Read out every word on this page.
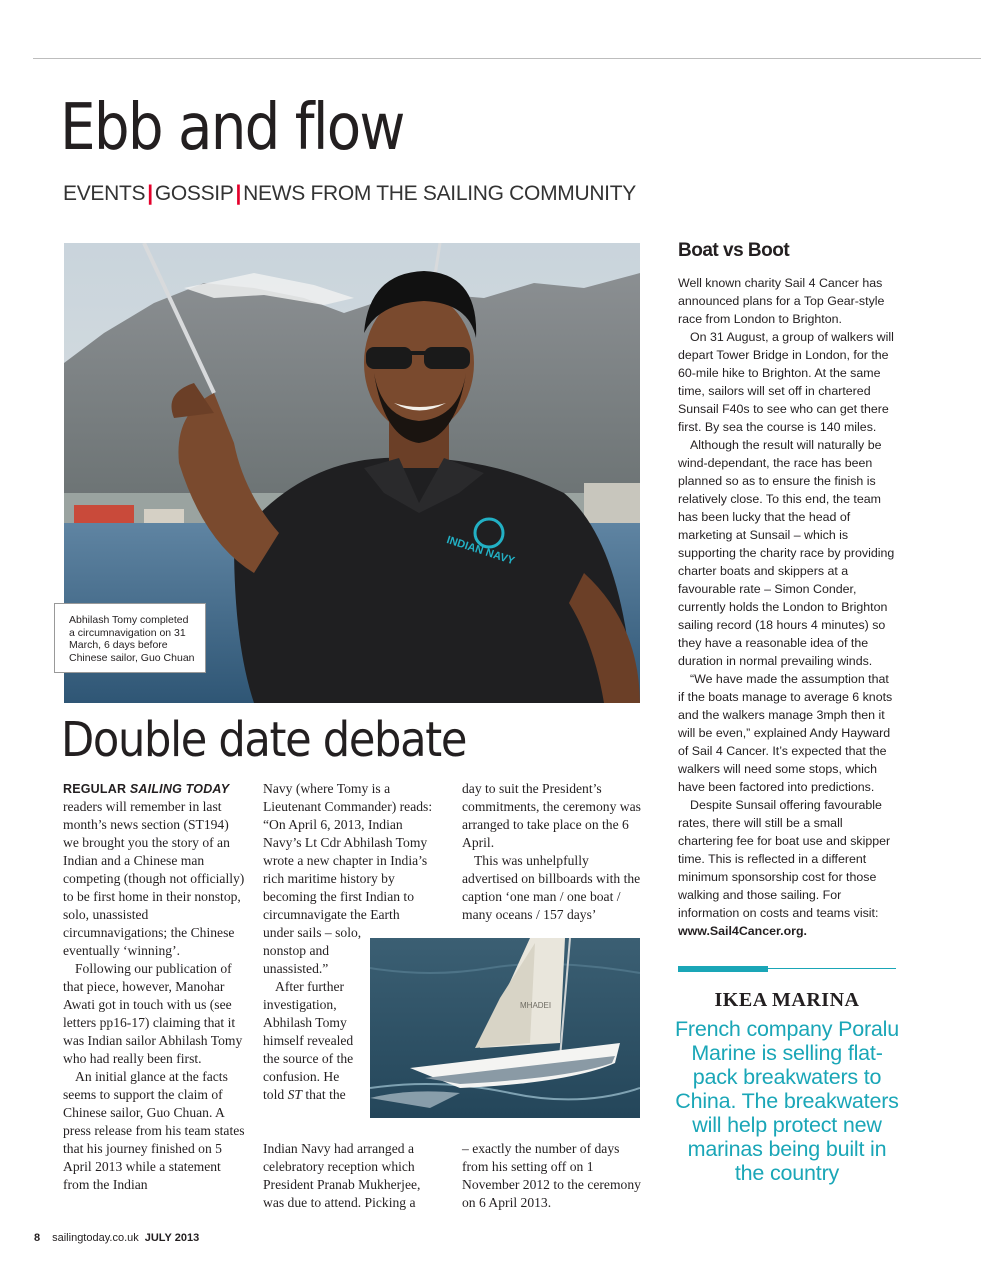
Ebb and flow
EVENTS|GOSSIP|NEWS FROM THE SAILING COMMUNITY
INDIAN NAVY
Abhilash Tomy completed a circumnavigation on 31 March, 6 days before Chinese sailor, Guo Chuan
Double date debate

REGULAR SAILING TODAY readers will remember in last month’s news section (ST194) we brought you the story of an Indian and a Chinese man competing (though not officially) to be first home in their nonstop, solo, unassisted circumnavigations; the Chinese eventually ‘winning’.

Following our publication of that piece, however, Manohar Awati got in touch with us (see letters pp16-17) claiming that it was Indian sailor Abhilash Tomy who had really been first.

An initial glance at the facts seems to support the claim of Chinese sailor, Guo Chuan. A press release from his team states that his journey finished on 5 April 2013 while a statement from the Indian

Navy (where Tomy is a Lieutenant Commander) reads: “On April 6, 2013, Indian Navy’s Lt Cdr Abhilash Tomy wrote a new chapter in India’s rich maritime history by becoming the first Indian to circumnavigate the Earth

under sails – solo, nonstop and unassisted.”

After further investigation, Abhilash Tomy himself revealed the source of the confusion. He told ST that the

Indian Navy had arranged a celebratory reception which President Pranab Mukherjee, was due to attend. Picking a

day to suit the President’s commitments, the ceremony was arranged to take place on the 6 April.

This was unhelpfully advertised on billboards with the caption ‘one man / one boat / many oceans / 157 days’

– exactly the number of days from his setting off on 1 November 2012 to the ceremony on 6 April 2013.

MHADEI
Boat vs Boot

Well known charity Sail 4 Cancer has announced plans for a Top Gear-style race from London to Brighton.

On 31 August, a group of walkers will depart Tower Bridge in London, for the 60-mile hike to Brighton. At the same time, sailors will set off in chartered Sunsail F40s to see who can get there first. By sea the course is 140 miles.

Although the result will naturally be wind-dependant, the race has been planned so as to ensure the finish is relatively close. To this end, the team has been lucky that the head of marketing at Sunsail – which is supporting the charity race by providing charter boats and skippers at a favourable rate – Simon Conder, currently holds the London to Brighton sailing record (18 hours 4 minutes) so they have a reasonable idea of the duration in normal prevailing winds.

“We have made the assumption that if the boats manage to average 6 knots and the walkers manage 3mph then it will be even,” explained Andy Hayward of Sail 4 Cancer. It’s expected that the walkers will need some stops, which have been factored into predictions.

Despite Sunsail offering favourable rates, there will still be a small chartering fee for boat use and skipper time. This is reflected in a different minimum sponsorship cost for those walking and those sailing. For information on costs and teams visit: www.Sail4Cancer.org.

IKEA MARINA
French company Poralu Marine is selling flat-pack breakwaters to China. The breakwaters will help protect new marinas being built in the country
8 sailingtoday.co.uk JULY 2013
